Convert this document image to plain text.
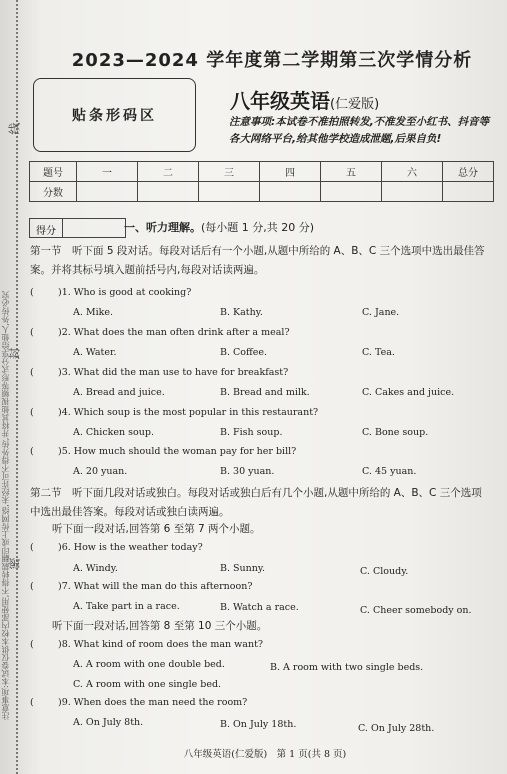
注意事项:本试卷仅供本校内部使用,不得转载翻印或上传网络,未经许可不得外传,并将其他视频等形式分享给他人,外传必究
线
封
密
2023—2024 学年度第二学期第三次学情分析
贴条形码区
八年级英语(仁爱版)
注意事项:本试卷不准拍照转发,不准发至小红书、抖音等各大网络平台,给其他学校造成泄题,后果自负!
题号	一	二	三	四	五	六	总分
分数							
得分	一、听力理解。(每小题 1 分,共 20 分)
第一节　听下面 5 段对话。每段对话后有一个小题,从题中所给的 A、B、C 三个选项中选出最佳答案。并将其标号填入题前括号内,每段对话读两遍。
(	)1. Who is good at cooking?
A. Mike.	B. Kathy.	C. Jane.
(	)2. What does the man often drink after a meal?
A. Water.	B. Coffee.	C. Tea.
(	)3. What did the man use to have for breakfast?
A. Bread and juice.	B. Bread and milk.	C. Cakes and juice.
(	)4. Which soup is the most popular in this restaurant?
A. Chicken soup.	B. Fish soup.	C. Bone soup.
(	)5. How much should the woman pay for her bill?
A. 20 yuan.	B. 30 yuan.	C. 45 yuan.
第二节　听下面几段对话或独白。每段对话或独白后有几个小题,从题中所给的 A、B、C 三个选项中选出最佳答案。每段对话或独白读两遍。
听下面一段对话,回答第 6 至第 7 两个小题。
(	)6. How is the weather today?
A. Windy.	B. Sunny.	C. Cloudy.
(	)7. What will the man do this afternoon?
A. Take part in a race.	B. Watch a race.	C. Cheer somebody on.
听下面一段对话,回答第 8 至第 10 三个小题。
(	)8. What kind of room does the man want?
A. A room with one double bed.	B. A room with two single beds.
C. A room with one single bed.
(	)9. When does the man need the room?
A. On July 8th.	B. On July 18th.	C. On July 28th.
八年级英语(仁爱版)　第 1 页(共 8 页)
